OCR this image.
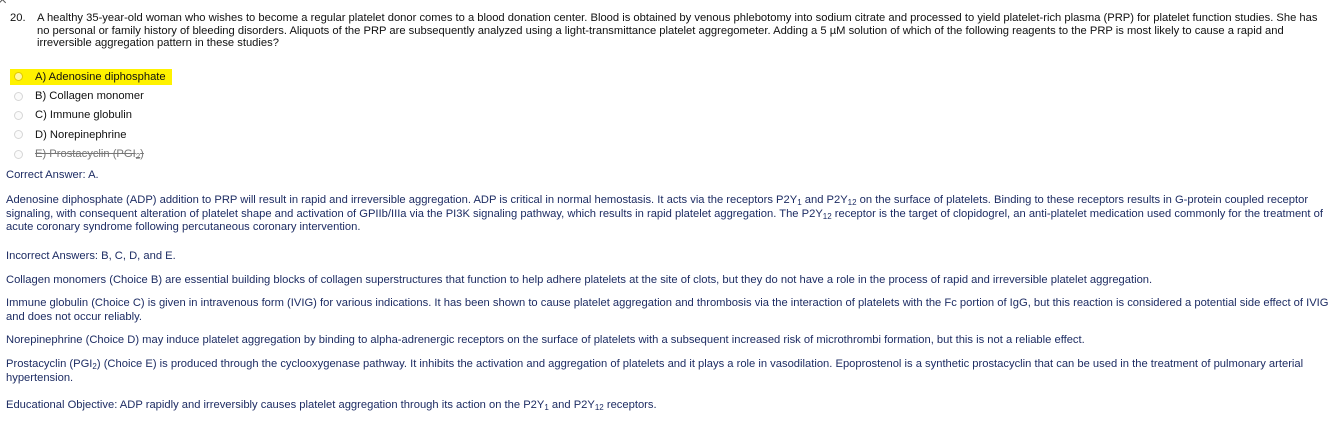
20. A healthy 35-year-old woman who wishes to become a regular platelet donor comes to a blood donation center. Blood is obtained by venous phlebotomy into sodium citrate and processed to yield platelet-rich plasma (PRP) for platelet function studies. She has no personal or family history of bleeding disorders. Aliquots of the PRP are subsequently analyzed using a light-transmittance platelet aggregometer. Adding a 5 µM solution of which of the following reagents to the PRP is most likely to cause a rapid and irreversible aggregation pattern in these studies?
A) Adenosine diphosphate
B) Collagen monomer
C) Immune globulin
D) Norepinephrine
E) Prostacyclin $(PGI_2)$
Correct Answer: A.
Adenosine diphosphate (ADP) addition to PRP will result in rapid and irreversible aggregation. ADP is critical in normal hemostasis. It acts via the receptors $P2Y_1$ and $P2Y_{12}$ on the surface of platelets. Binding to these receptors results in G-protein coupled receptor signaling, with consequent alteration of platelet shape and activation of GPIIb/IIIa via the PI3K signaling pathway, which results in rapid platelet aggregation. The $P2Y_{12}$ receptor is the target of clopidogrel, an anti-platelet medication used commonly for the treatment of acute coronary syndrome following percutaneous coronary intervention.
Incorrect Answers: B, C, D, and E.
Collagen monomers (Choice B) are essential building blocks of collagen superstructures that function to help adhere platelets at the site of clots, but they do not have a role in the process of rapid and irreversible platelet aggregation.
Immune globulin (Choice C) is given in intravenous form (IVIG) for various indications. It has been shown to cause platelet aggregation and thrombosis via the interaction of platelets with the Fc portion of IgG, but this reaction is considered a potential side effect of IVIG and does not occur reliably.
Norepinephrine (Choice D) may induce platelet aggregation by binding to alpha-adrenergic receptors on the surface of platelets with a subsequent increased risk of microthrombi formation, but this is not a reliable effect.
Prostacyclin $(PGI_2)$ (Choice E) is produced through the cyclooxygenase pathway. It inhibits the activation and aggregation of platelets and it plays a role in vasodilation. Epoprostenol is a synthetic prostacyclin that can be used in the treatment of pulmonary arterial hypertension.
Educational Objective: ADP rapidly and irreversibly causes platelet aggregation through its action on the $P2Y_1$ and $P2Y_{12}$ receptors.
